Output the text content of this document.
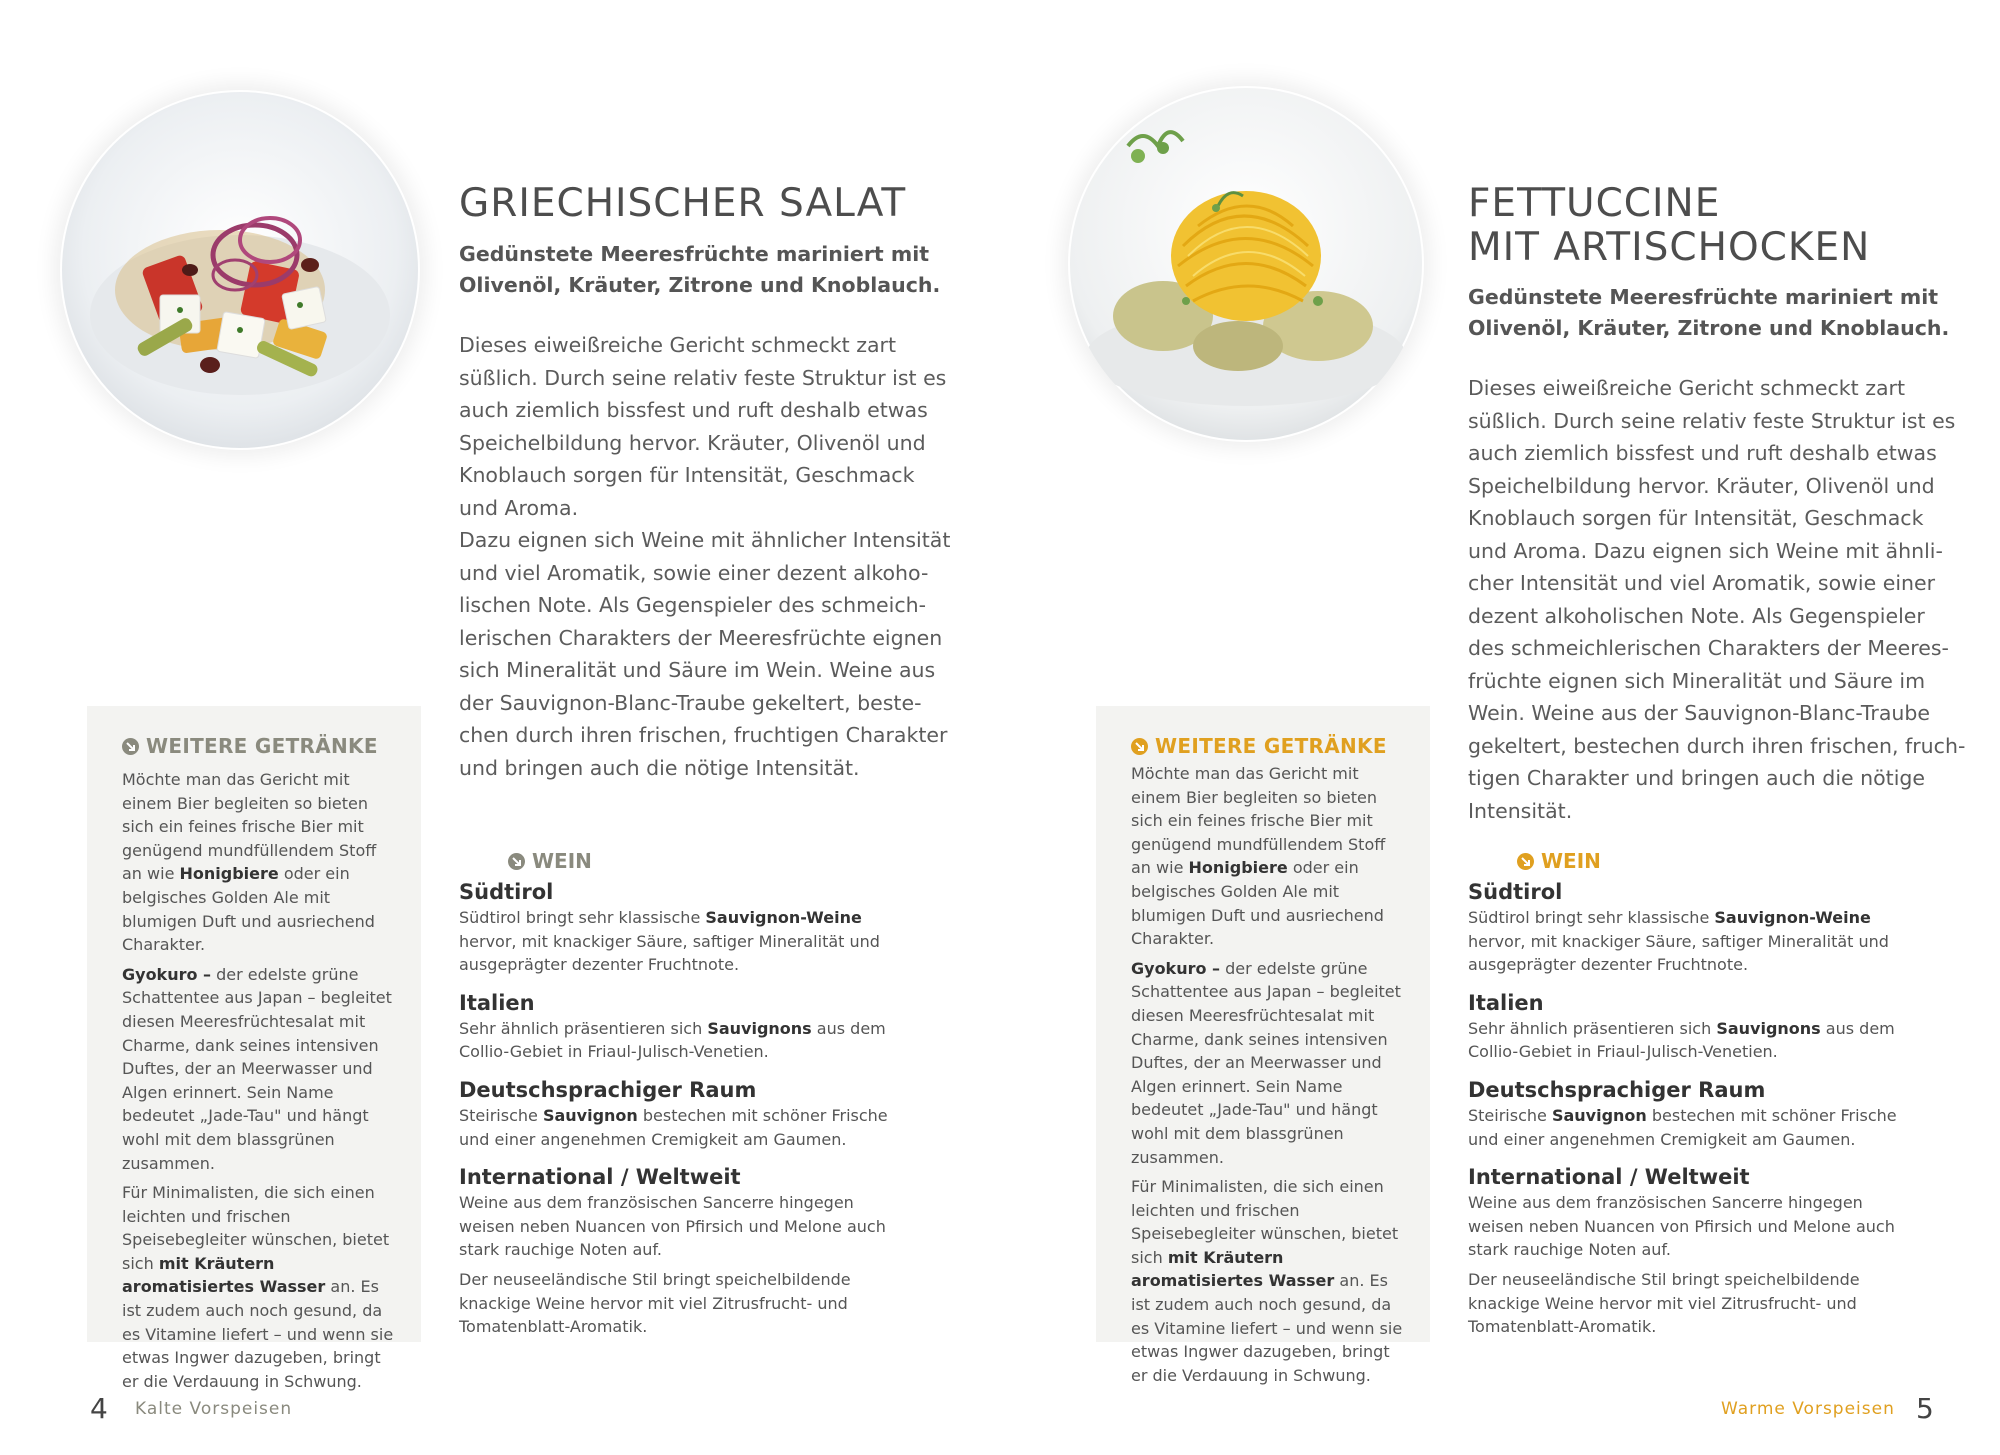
GRIECHISCHER SALAT

Gedünstete Meeresfrüchte mariniert mit

Olivenöl, Kräuter, Zitrone und Knoblauch.

Dieses eiweißreiche Gericht schmeckt zart
süßlich. Durch seine relativ feste Struktur ist es
auch ziemlich bissfest und ruft deshalb etwas
Speichelbildung hervor. Kräuter, Olivenöl und
Knoblauch sorgen für Intensität, Geschmack
und Aroma.
Dazu eignen sich Weine mit ähnlicher Intensität
und viel Aromatik, sowie einer dezent alkoho-
lischen Note. Als Gegenspieler des schmeich-
lerischen Charakters der Meeresfrüchte eignen
sich Mineralität und Säure im Wein. Weine aus
der Sauvignon-Blanc-Traube gekeltert, beste-
chen durch ihren frischen, fruchtigen Charakter
und bringen auch die nötige Intensität.
WEITERE GETRÄNKE

Möchte man das Gericht mit einem Bier begleiten so bieten sich ein feines frische Bier mit genügend mundfüllendem Stoff an wie Honigbiere oder ein belgisches Golden Ale mit blumigen Duft und ausriechend Charakter.

Gyokuro – der edelste grüne Schattentee aus Japan – begleitet diesen Meeresfrüchtesalat mit Charme, dank seines intensiven Duftes, der an Meerwasser und Algen erinnert. Sein Name bedeutet „Jade-Tau" und hängt wohl mit dem blassgrünen zusammen.

Für Minimalisten, die sich einen leichten und frischen Speisebegleiter wünschen, bietet sich mit Kräutern aromatisiertes Wasser an. Es ist zudem auch noch gesund, da es Vitamine liefert – und wenn sie etwas Ingwer dazugeben, bringt er die Verdauung in Schwung.

WEIN

Südtirol

Südtirol bringt sehr klassische Sauvignon-Weine hervor, mit knackiger Säure, saftiger Mineralität und ausgeprägter dezenter Fruchtnote.

Italien

Sehr ähnlich präsentieren sich Sauvignons aus dem Collio-Gebiet in Friaul-Julisch-Venetien.

Deutschsprachiger Raum

Steirische Sauvignon bestechen mit schöner Frische und einer angenehmen Cremigkeit am Gaumen.

International / Weltweit

Weine aus dem französischen Sancerre hingegen weisen neben Nuancen von Pfirsich und Melone auch stark rauchige Noten auf.

Der neuseeländische Stil bringt speichelbildende knackige Weine hervor mit viel Zitrusfrucht- und Tomatenblatt-Aromatik.

4 Kalte Vorspeisen
FETTUCCINE
MIT ARTISCHOCKEN

Gedünstete Meeresfrüchte mariniert mit

Olivenöl, Kräuter, Zitrone und Knoblauch.

Dieses eiweißreiche Gericht schmeckt zart
süßlich. Durch seine relativ feste Struktur ist es
auch ziemlich bissfest und ruft deshalb etwas
Speichelbildung hervor. Kräuter, Olivenöl und
Knoblauch sorgen für Intensität, Geschmack
und Aroma. Dazu eignen sich Weine mit ähnli-
cher Intensität und viel Aromatik, sowie einer
dezent alkoholischen Note. Als Gegenspieler
des schmeichlerischen Charakters der Meeres-
früchte eignen sich Mineralität und Säure im
Wein. Weine aus der Sauvignon-Blanc-Traube
gekeltert, bestechen durch ihren frischen, fruch-
tigen Charakter und bringen auch die nötige
Intensität.
WEITERE GETRÄNKE

Möchte man das Gericht mit einem Bier begleiten so bieten sich ein feines frische Bier mit genügend mundfüllendem Stoff an wie Honigbiere oder ein belgisches Golden Ale mit blumigen Duft und ausriechend Charakter.

Gyokuro – der edelste grüne Schattentee aus Japan – begleitet diesen Meeresfrüchtesalat mit Charme, dank seines intensiven Duftes, der an Meerwasser und Algen erinnert. Sein Name bedeutet „Jade-Tau" und hängt wohl mit dem blassgrünen zusammen.

Für Minimalisten, die sich einen leichten und frischen Speisebegleiter wünschen, bietet sich mit Kräutern aromatisiertes Wasser an. Es ist zudem auch noch gesund, da es Vitamine liefert – und wenn sie etwas Ingwer dazugeben, bringt er die Verdauung in Schwung.

WEIN

Südtirol

Südtirol bringt sehr klassische Sauvignon-Weine hervor, mit knackiger Säure, saftiger Mineralität und ausgeprägter dezenter Fruchtnote.

Italien

Sehr ähnlich präsentieren sich Sauvignons aus dem Collio-Gebiet in Friaul-Julisch-Venetien.

Deutschsprachiger Raum

Steirische Sauvignon bestechen mit schöner Frische und einer angenehmen Cremigkeit am Gaumen.

International / Weltweit

Weine aus dem französischen Sancerre hingegen weisen neben Nuancen von Pfirsich und Melone auch stark rauchige Noten auf.

Der neuseeländische Stil bringt speichelbildende knackige Weine hervor mit viel Zitrusfrucht- und Tomatenblatt-Aromatik.

Warme Vorspeisen 5
